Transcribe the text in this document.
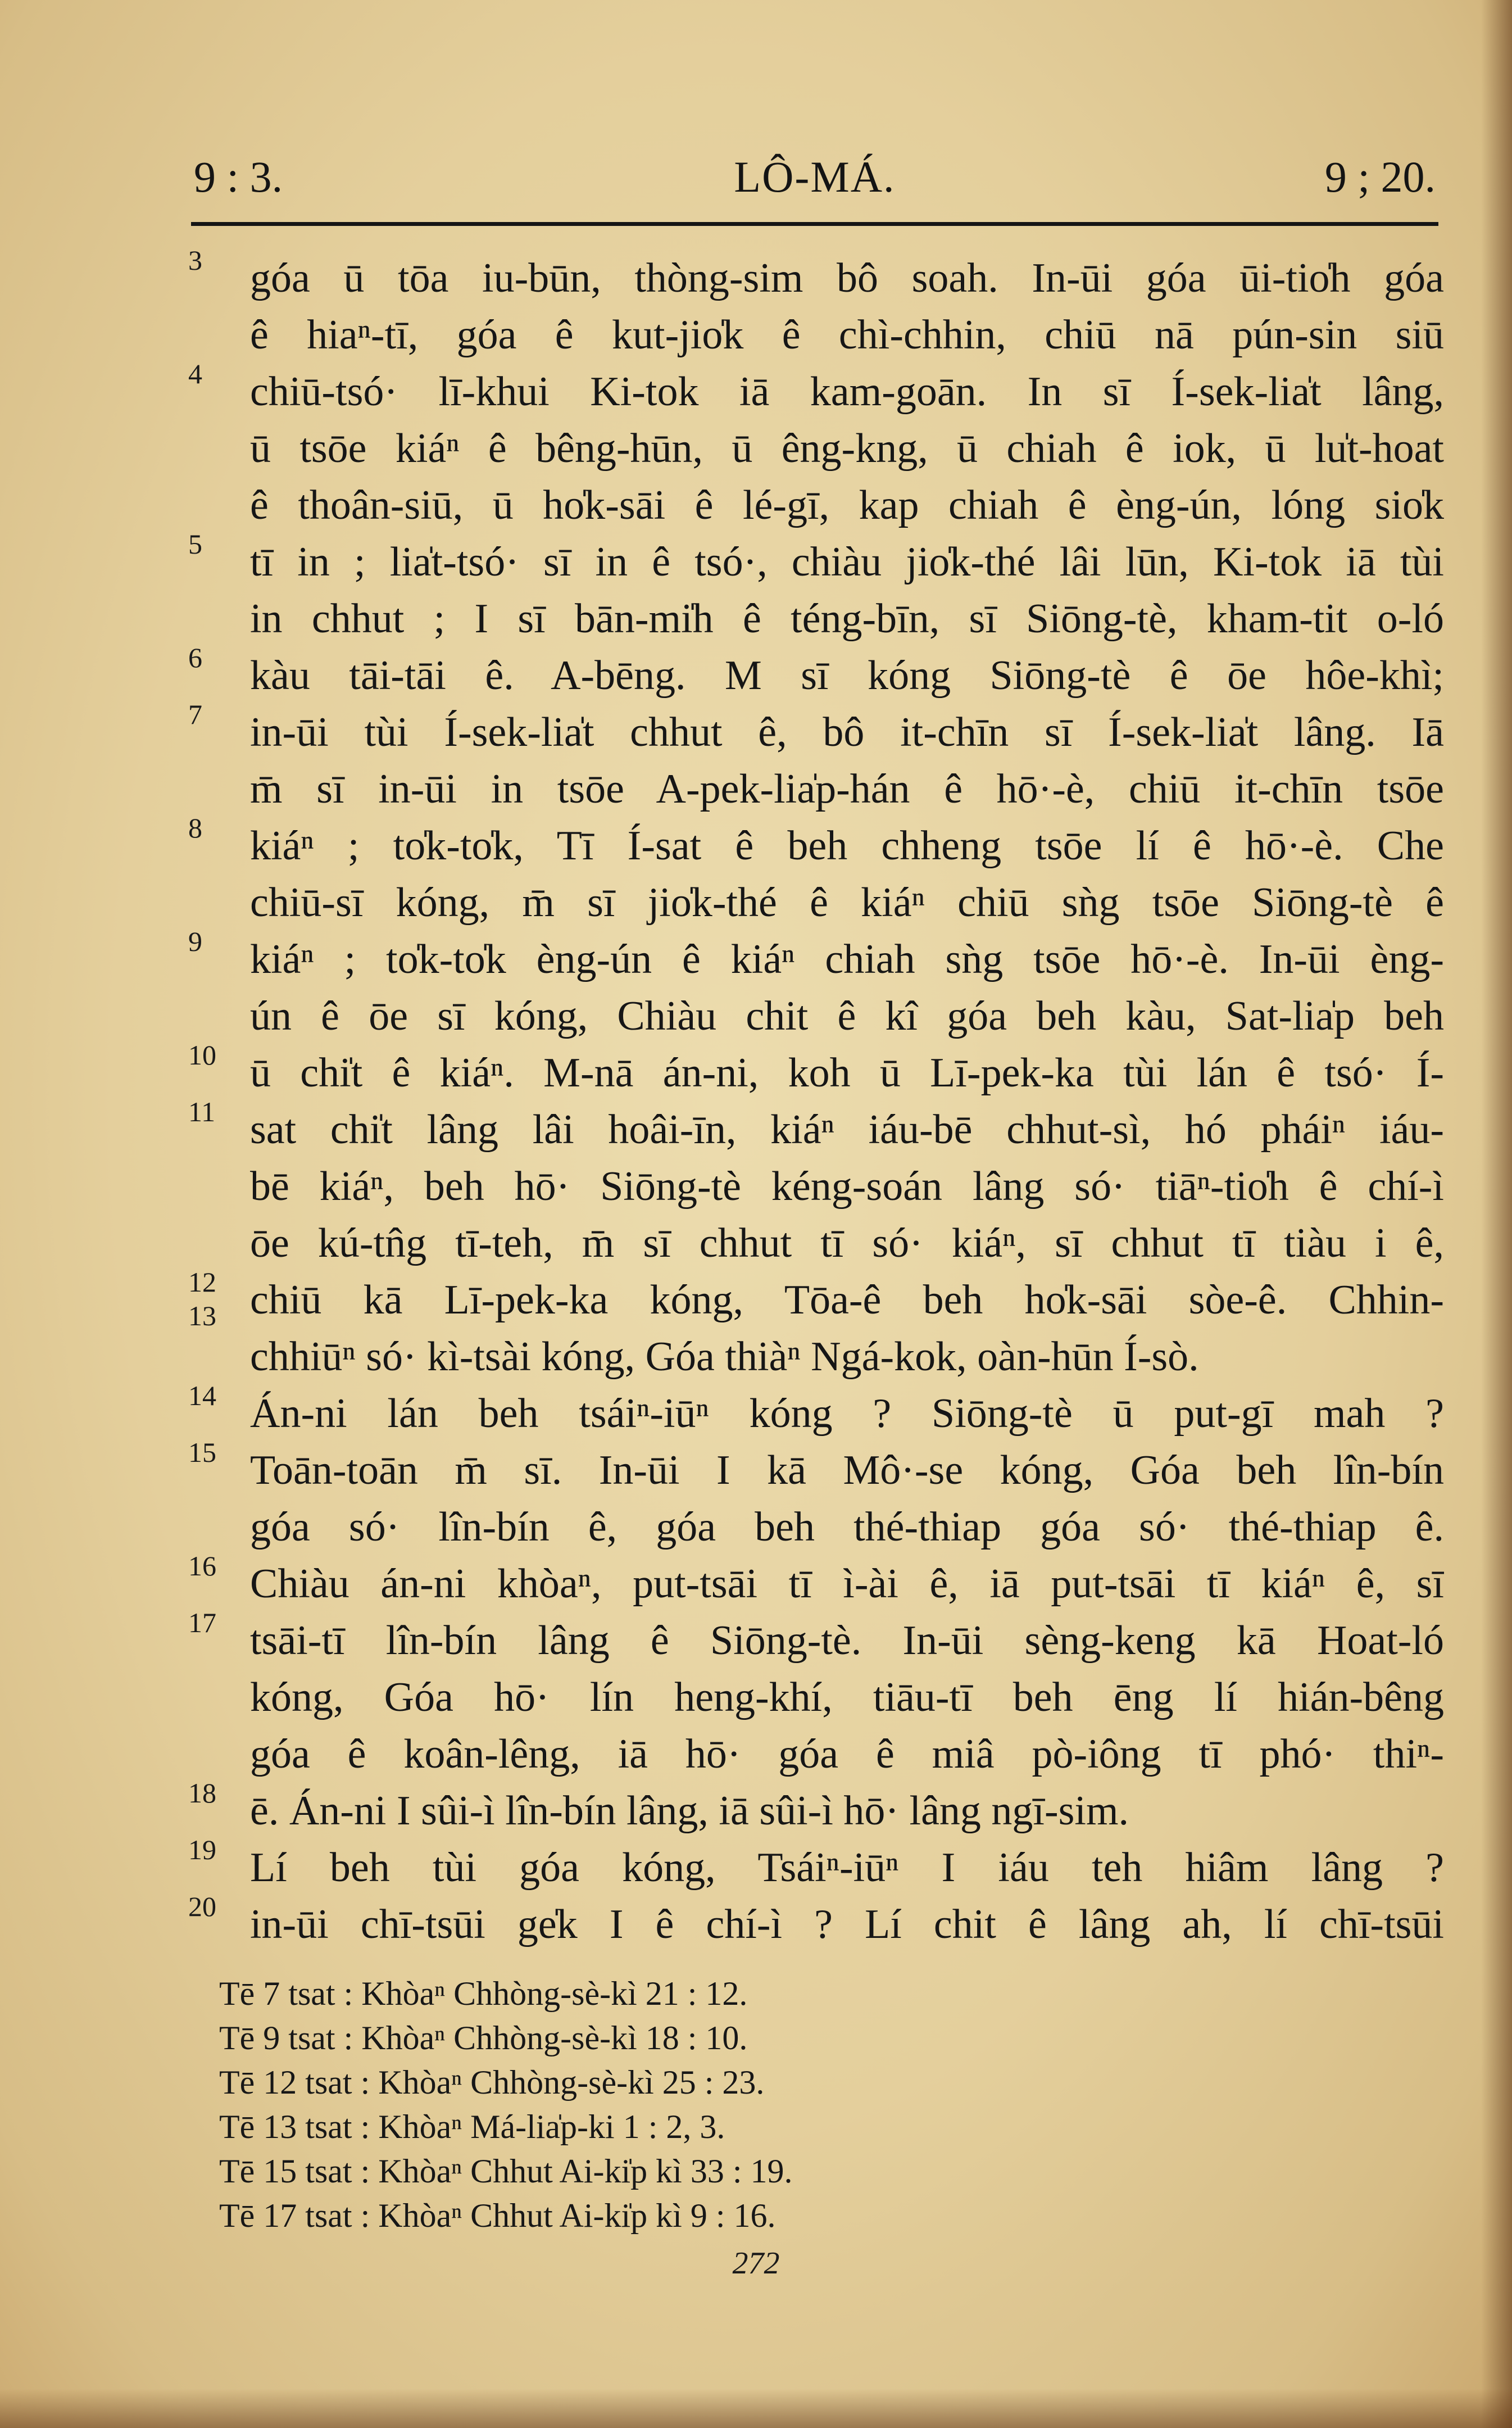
9 : 3.	LÔ-MÁ.	9 ; 20.
3	góa ū tōa iu-būn, thòng-sim bô soah. In-ūi góa ūi-tio̍h góa
ê hiaⁿ-tī, góa ê kut-jio̍k ê chì-chhin, chiū nā pún-sin siū
4	chiū-tsó· lī-khui Ki-tok iā kam-goān. In sī Í-sek-lia̍t lâng,
ū tsōe kiáⁿ ê bêng-hūn, ū êng-kng, ū chiah ê iok, ū lu̍t-hoat
ê thoân-siū, ū ho̍k-sāi ê lé-gī, kap chiah ê èng-ún, lóng sio̍k
5	tī in ; lia̍t-tsó· sī in ê tsó·, chiàu jio̍k-thé lâi lūn, Ki-tok iā tùi
in chhut ; I sī bān-mi̍h ê téng-bīn, sī Siōng-tè, kham-tit o-ló
6	kàu tāi-tāi ê. A-bēng. M sī kóng Siōng-tè ê ōe hôe-khì;
7	in-ūi tùi Í-sek-lia̍t chhut ê, bô it-chīn sī Í-sek-lia̍t lâng. Iā
m̄ sī in-ūi in tsōe A-pek-lia̍p-hán ê hō·-è, chiū it-chīn tsōe
8	kiáⁿ ; to̍k-to̍k, Tī Í-sat ê beh chheng tsōe lí ê hō·-è. Che
chiū-sī kóng, m̄ sī jio̍k-thé ê kiáⁿ chiū sǹg tsōe Siōng-tè ê
9	kiáⁿ ; to̍k-to̍k èng-ún ê kiáⁿ chiah sǹg tsōe hō·-è. In-ūi èng-
ún ê ōe sī kóng, Chiàu chit ê kî góa beh kàu, Sat-lia̍p beh
10 ū chi̍t ê kiáⁿ. M-nā án-ni, koh ū Lī-pek-ka tùi lán ê tsó· Í-
11 sat chi̍t lâng lâi hoâi-īn, kiáⁿ iáu-bē chhut-sì, hó pháiⁿ iáu-
bē kiáⁿ, beh hō· Siōng-tè kéng-soán lâng só· tiāⁿ-tio̍h ê chí-ì
ōe kú-tn̂g tī-teh, m̄ sī chhut tī só· kiáⁿ, sī chhut tī tiàu i ê,
12
13 chiū kā Lī-pek-ka kóng, Tōa-ê beh ho̍k-sāi sòe-ê. Chhin-
chhiūⁿ só· kì-tsài kóng, Góa thiàⁿ Ngá-kok, oàn-hūn Í-sò.
14 Án-ni lán beh tsáiⁿ-iūⁿ kóng ? Siōng-tè ū put-gī mah ?
15 Toān-toān m̄ sī. In-ūi I kā Mô·-se kóng, Góa beh lîn-bín
góa só· lîn-bín ê, góa beh thé-thiap góa só· thé-thiap ê.
16 Chiàu án-ni khòaⁿ, put-tsāi tī ì-ài ê, iā put-tsāi tī kiáⁿ ê, sī
17 tsāi-tī lîn-bín lâng ê Siōng-tè. In-ūi sèng-keng kā Hoat-ló
kóng, Góa hō· lín heng-khí, tiāu-tī beh ēng lí hián-bêng
góa ê koân-lêng, iā hō· góa ê miâ pò-iông tī phó· thiⁿ-
18 ē. Án-ni I sûi-ì lîn-bín lâng, iā sûi-ì hō· lâng ngī-sim.
19 Lí beh tùi góa kóng, Tsáiⁿ-iūⁿ I iáu teh hiâm lâng ?
20 in-ūi chī-tsūi ge̍k I ê chí-ì ? Lí chit ê lâng ah, lí chī-tsūi
Tē 7 tsat : Khòaⁿ Chhòng-sè-kì 21 : 12.
Tē 9 tsat : Khòaⁿ Chhòng-sè-kì 18 : 10.
Tē 12 tsat : Khòaⁿ Chhòng-sè-kì 25 : 23.
Tē 13 tsat : Khòaⁿ Má-lia̍p-ki 1 : 2, 3.
Tē 15 tsat : Khòaⁿ Chhut Ai-ki̍p kì 33 : 19.
Tē 17 tsat : Khòaⁿ Chhut Ai-ki̍p kì 9 : 16.
272
